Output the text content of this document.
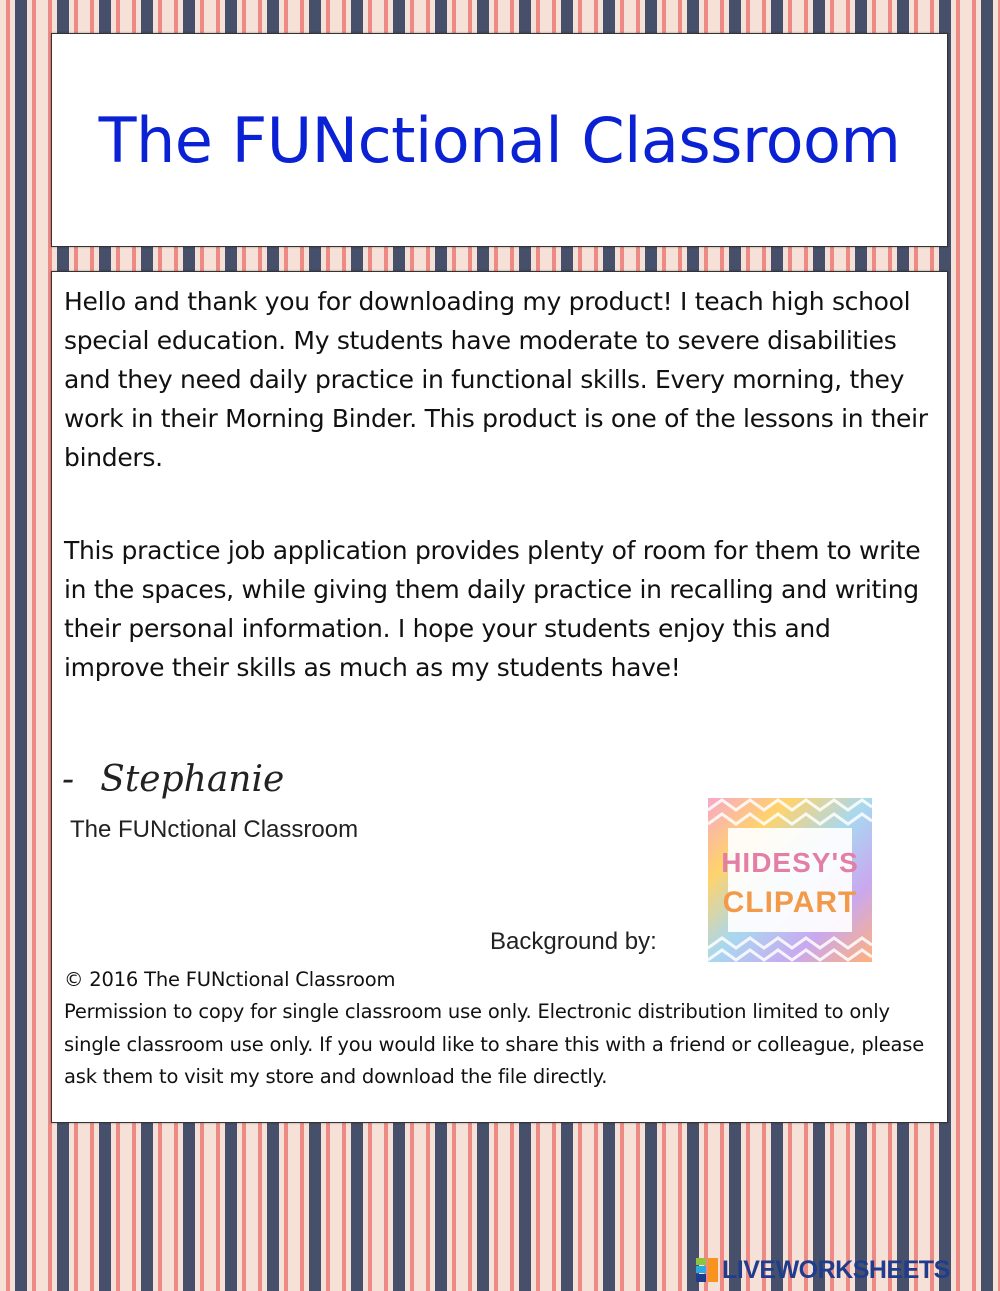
The FUNctional Classroom

Hello and thank you for downloading my product! I teach high school special education. My students have moderate to severe disabilities and they need daily practice in functional skills. Every morning, they work in their Morning Binder. This product is one of the lessons in their binders.

This practice job application provides plenty of room for them to write in the spaces, while giving them daily practice in recalling and writing their personal information. I hope your students enjoy this and improve their skills as much as my students have!

- Stephanie

The FUNctional Classroom
Background by:
HIDESY'S
CLIPART

© 2016 The FUNctional Classroom

Permission to copy for single classroom use only. Electronic distribution limited to only single classroom use only. If you would like to share this with a friend or colleague, please ask them to visit my store and download the file directly.

LIVEWORKSHEETS
